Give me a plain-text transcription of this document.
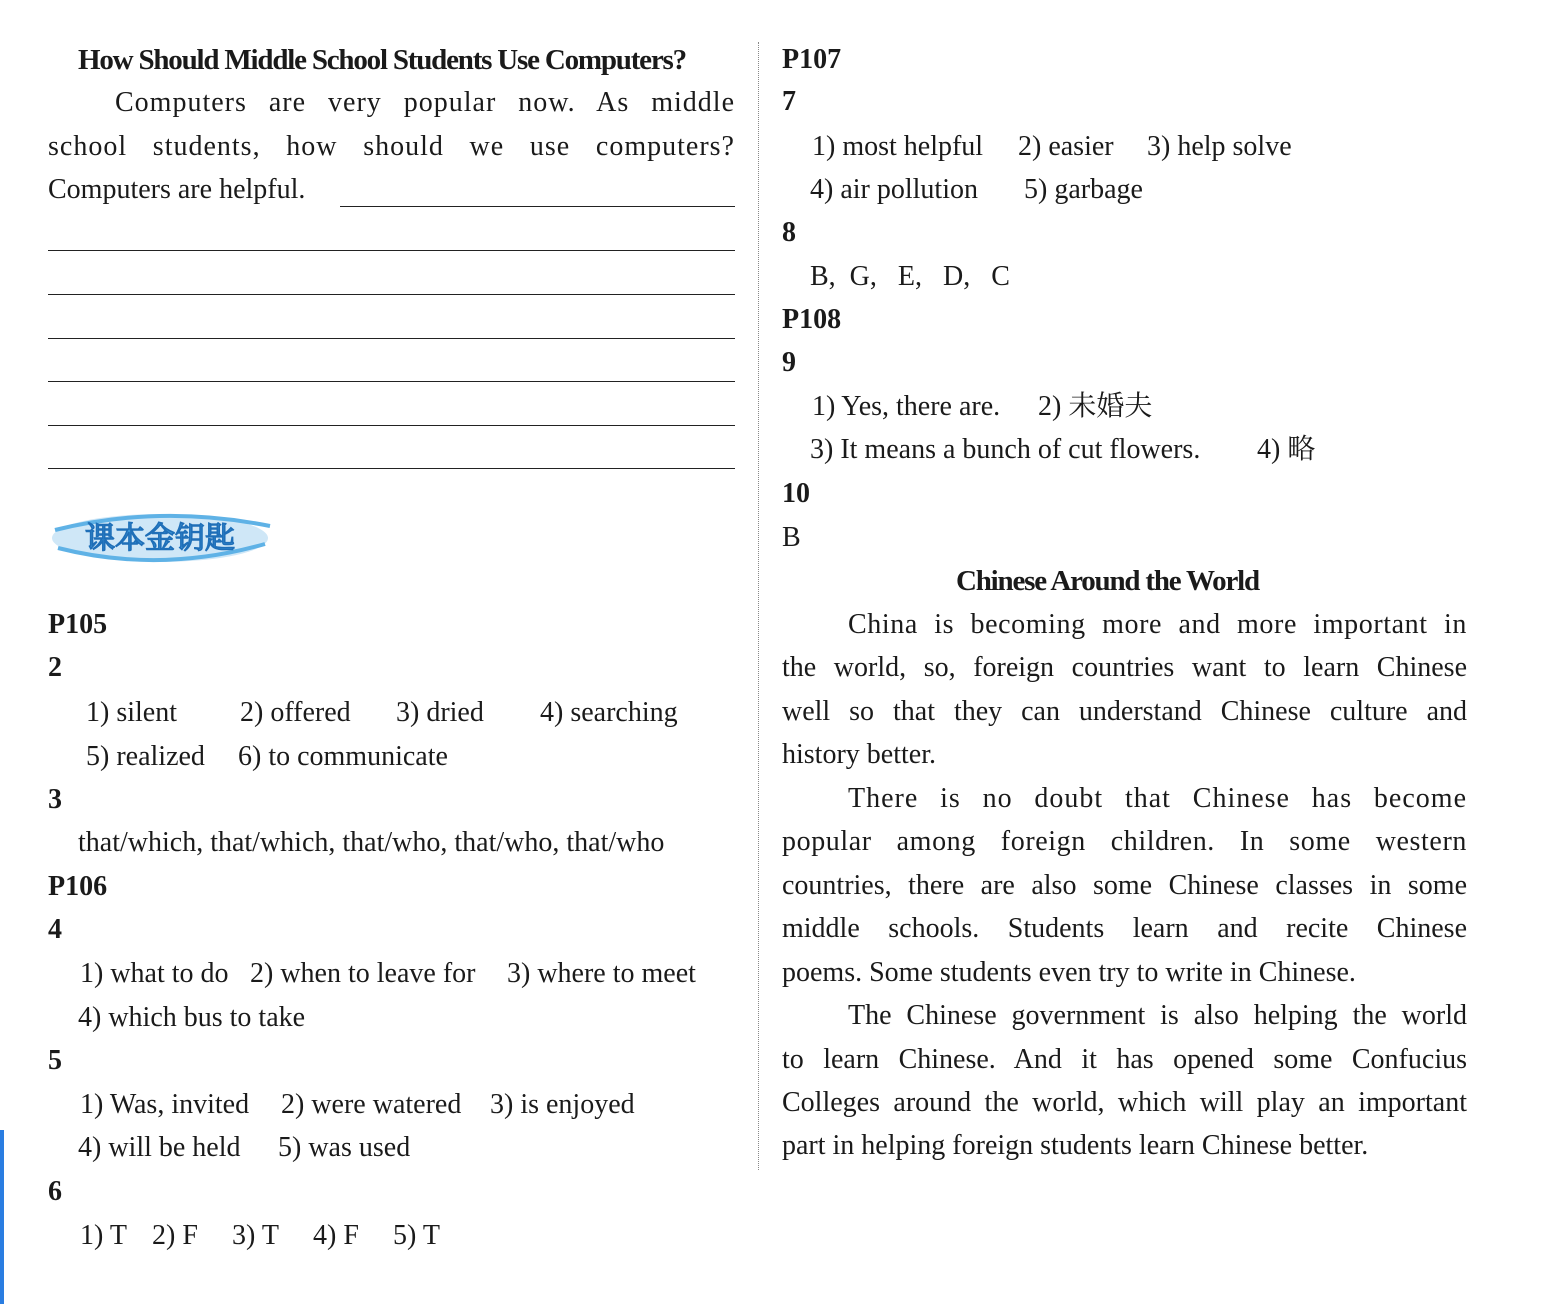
How Should Middle School Students Use Computers?
Computers are very popular now. As middle
school students, how should we use computers?
Computers are helpful.
课本金钥匙
P105
2
1) silent 2) offered 3) dried 4) searching
5) realized 6) to communicate
3
that/which, that/which, that/who, that/who, that/who
P106
4
1) what to do 2) when to leave for 3) where to meet
4) which bus to take
5
1) Was, invited 2) were watered 3) is enjoyed
4) will be held 5) was used
6
1) T 2) F 3) T 4) F 5) T
P107
7
1) most helpful 2) easier 3) help solve
4) air pollution 5) garbage
8
B,  G,   E,   D,   C
P108
9
1) Yes, there are. 2) 未婚夫
3) It means a bunch of cut flowers. 4) 略
10
B
Chinese Around the World
China is becoming more and more important in
the world, so, foreign countries want to learn Chinese
well so that they can understand Chinese culture and
history better.
There is no doubt that Chinese has become
popular among foreign children. In some western
countries, there are also some Chinese classes in some
middle schools. Students learn and recite Chinese
poems. Some students even try to write in Chinese.
The Chinese government is also helping the world
to learn Chinese. And it has opened some Confucius
Colleges around the world, which will play an important
part in helping foreign students learn Chinese better.
